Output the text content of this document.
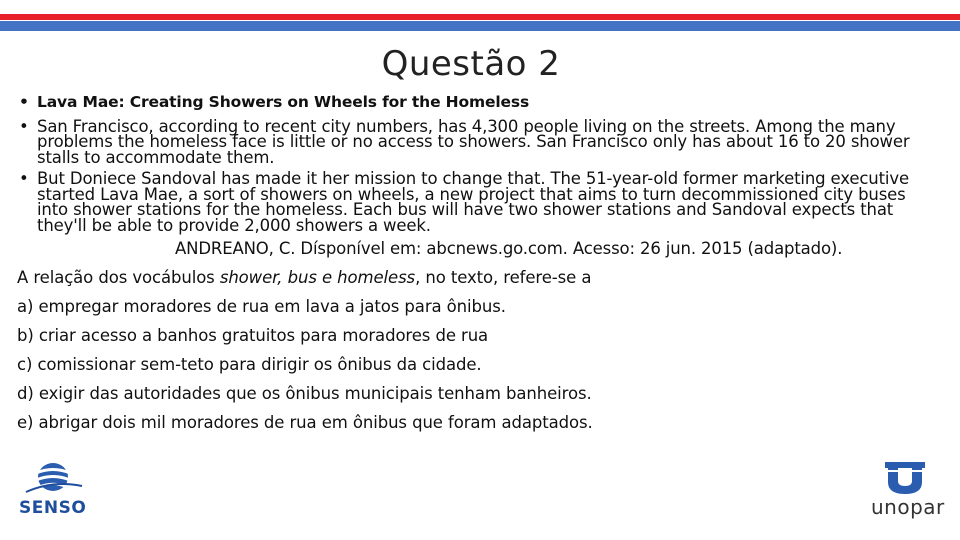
Questão 2
• Lava Mae: Creating Showers on Wheels for the Homeless
• San Francisco, according to recent city numbers, has 4,300 people living on the streets. Among the many problems the homeless face is little or no access to showers. San Francisco only has about 16 to 20 shower stalls to accommodate them.
• But Doniece Sandoval has made it her mission to change that. The 51-year-old former marketing executive started Lava Mae, a sort of showers on wheels, a new project that aims to turn decommissioned city buses into shower stations for the homeless. Each bus will have two shower stations and Sandoval expects that they'll be able to provide 2,000 showers a week.
ANDREANO, C. Dísponível em: abcnews.go.com. Acesso: 26 jun. 2015 (adaptado).
A relação dos vocábulos shower, bus e homeless, no texto, refere-se a
a) empregar moradores de rua em lava a jatos para ônibus.
b) criar acesso a banhos gratuitos para moradores de rua
c) comissionar sem-teto para dirigir os ônibus da cidade.
d) exigir das autoridades que os ônibus municipais tenham banheiros.
e) abrigar dois mil moradores de rua em ônibus que foram adaptados.
SENSO	unopar
